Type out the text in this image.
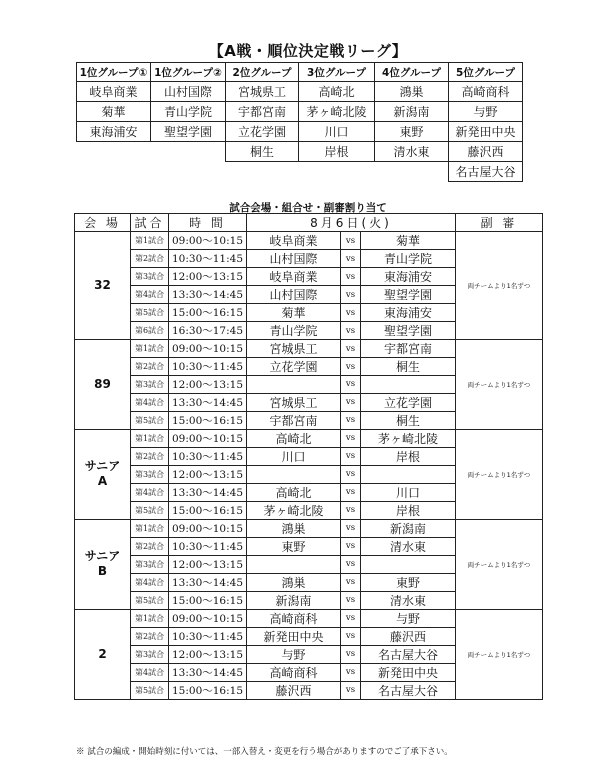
【A戦・順位決定戦リーグ】
1位グループ①	1位グループ②	2位グループ	3位グループ	4位グループ	5位グループ
岐阜商業	山村国際	宮城県工	高崎北	鴻巣	高崎商科
菊華	青山学院	宇都宮南	茅ヶ崎北陵	新潟南	与野
東海浦安	聖望学園	立花学園	川口	東野	新発田中央
		桐生	岸根	清水東	藤沢西
					名古屋大谷
試合会場・組合せ・副審割り当て
会 場	試合	時 間	8月6日(火)			副 審

32	第1試合	09:00～10:15	岐阜商業	vs	菊華	両チームより1名ずつ
	第2試合	10:30～11:45	山村国際	vs	青山学院	
	第3試合	12:00～13:15	岐阜商業	vs	東海浦安	
	第4試合	13:30～14:45	山村国際	vs	聖望学園	
	第5試合	15:00～16:15	菊華	vs	東海浦安	
	第6試合	16:30～17:45	青山学院	vs	聖望学園	

89	第1試合	09:00～10:15	宮城県工	vs	宇都宮南	両チームより1名ずつ
	第2試合	10:30～11:45	立花学園	vs	桐生	
	第3試合	12:00～13:15		vs		
	第4試合	13:30～14:45	宮城県工	vs	立花学園	
	第5試合	15:00～16:15	宇都宮南	vs	桐生	

サニア
A	第1試合	09:00～10:15	高崎北	vs	茅ヶ崎北陵	両チームより1名ずつ
	第2試合	10:30～11:45	川口	vs	岸根	
	第3試合	12:00～13:15		vs		
	第4試合	13:30～14:45	高崎北	vs	川口	
	第5試合	15:00～16:15	茅ヶ崎北陵	vs	岸根	

サニア
B	第1試合	09:00～10:15	鴻巣	vs	新潟南	両チームより1名ずつ
	第2試合	10:30～11:45	東野	vs	清水東	
	第3試合	12:00～13:15		vs		
	第4試合	13:30～14:45	鴻巣	vs	東野	
	第5試合	15:00～16:15	新潟南	vs	清水東	

2	第1試合	09:00～10:15	高崎商科	vs	与野	両チームより1名ずつ
	第2試合	10:30～11:45	新発田中央	vs	藤沢西	
	第3試合	12:00～13:15	与野	vs	名古屋大谷	
	第4試合	13:30～14:45	高崎商科	vs	新発田中央	
	第5試合	15:00～16:15	藤沢西	vs	名古屋大谷	
※ 試合の編成・開始時刻に付いては、一部入替え・変更を行う場合がありますのでご了承下さい。
